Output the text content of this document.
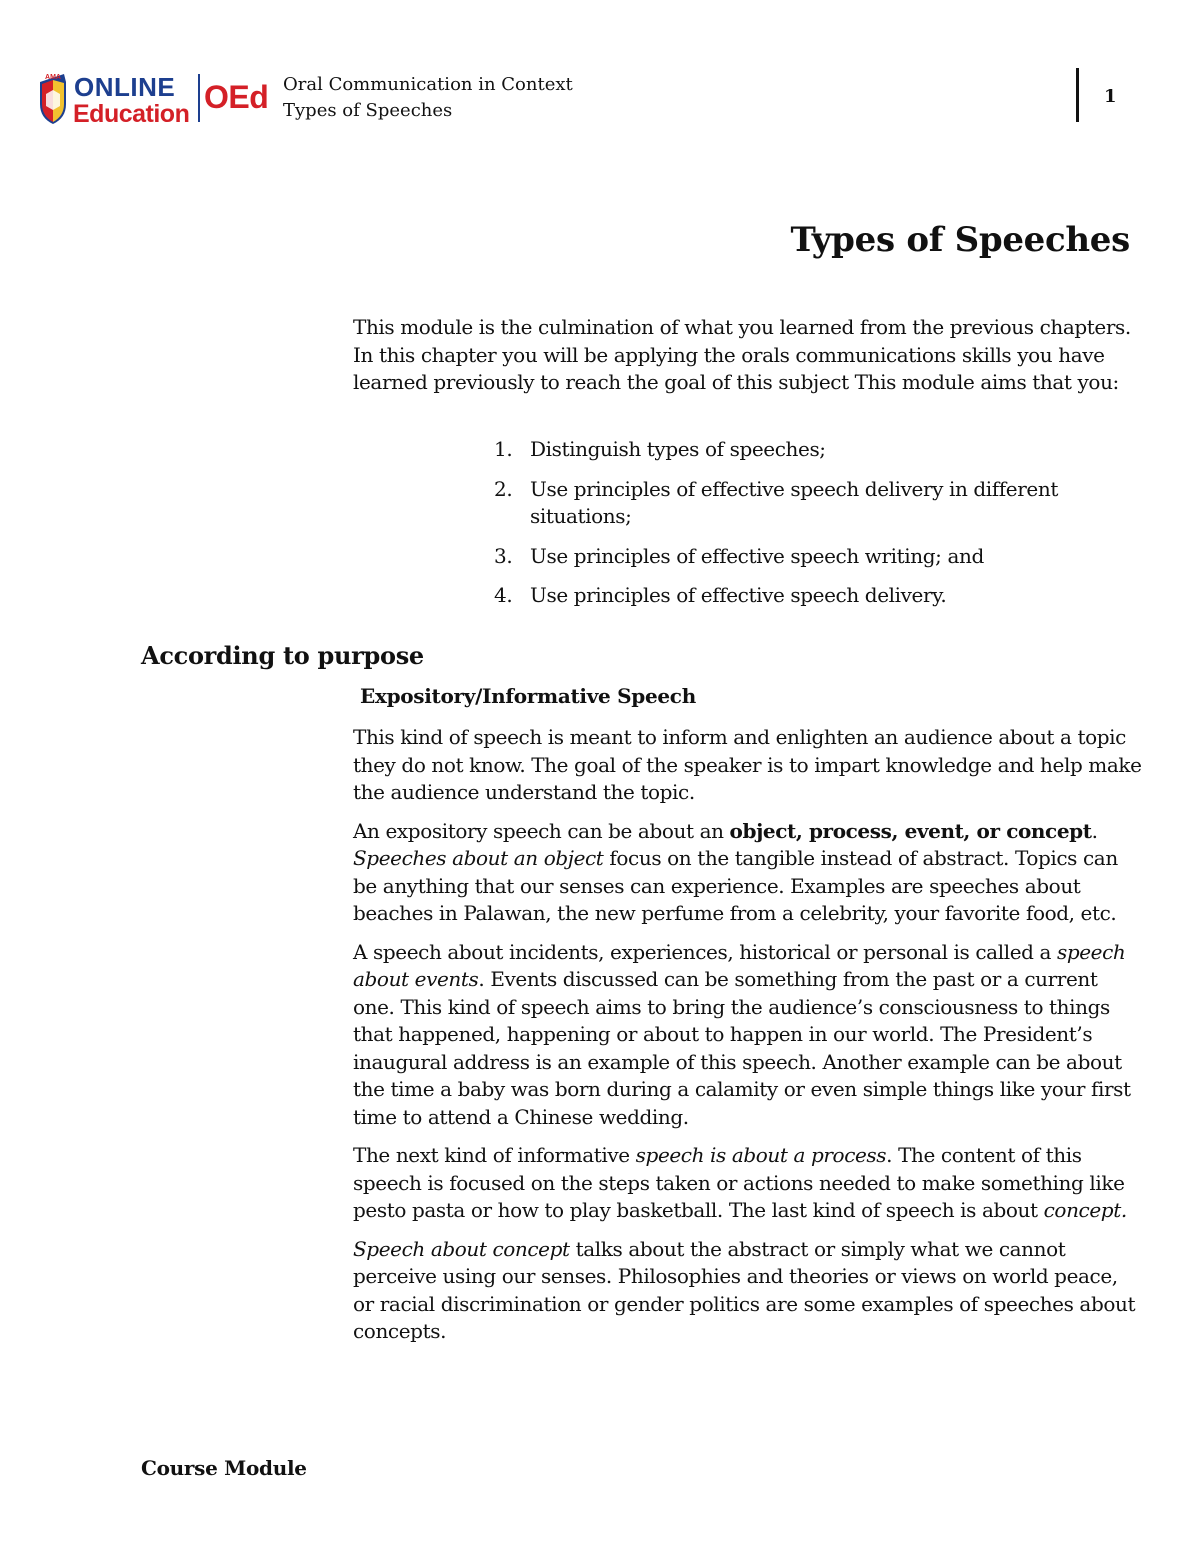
AMA ONLINE
Education OEd Oral Communication in Context
Types of Speeches
1
Types of Speeches

This module is the culmination of what you learned from the previous chapters. In this chapter you will be applying the orals communications skills you have learned previously to reach the goal of this subject This module aims that you:

1. Distinguish types of speeches;
2. Use principles of effective speech delivery in different situations;
3. Use principles of effective speech writing; and
4. Use principles of effective speech delivery.
According to purpose
Expository/Informative Speech

This kind of speech is meant to inform and enlighten an audience about a topic they do not know. The goal of the speaker is to impart knowledge and help make the audience understand the topic.

An expository speech can be about an object, process, event, or concept. Speeches about an object focus on the tangible instead of abstract. Topics can be anything that our senses can experience. Examples are speeches about beaches in Palawan, the new perfume from a celebrity, your favorite food, etc.

A speech about incidents, experiences, historical or personal is called a speech about events. Events discussed can be something from the past or a current one. This kind of speech aims to bring the audience’s consciousness to things that happened, happening or about to happen in our world. The President’s inaugural address is an example of this speech. Another example can be about the time a baby was born during a calamity or even simple things like your first time to attend a Chinese wedding.

The next kind of informative speech is about a process. The content of this speech is focused on the steps taken or actions needed to make something like pesto pasta or how to play basketball. The last kind of speech is about concept.

Speech about concept talks about the abstract or simply what we cannot perceive using our senses. Philosophies and theories or views on world peace, or racial discrimination or gender politics are some examples of speeches about concepts.

Course Module
